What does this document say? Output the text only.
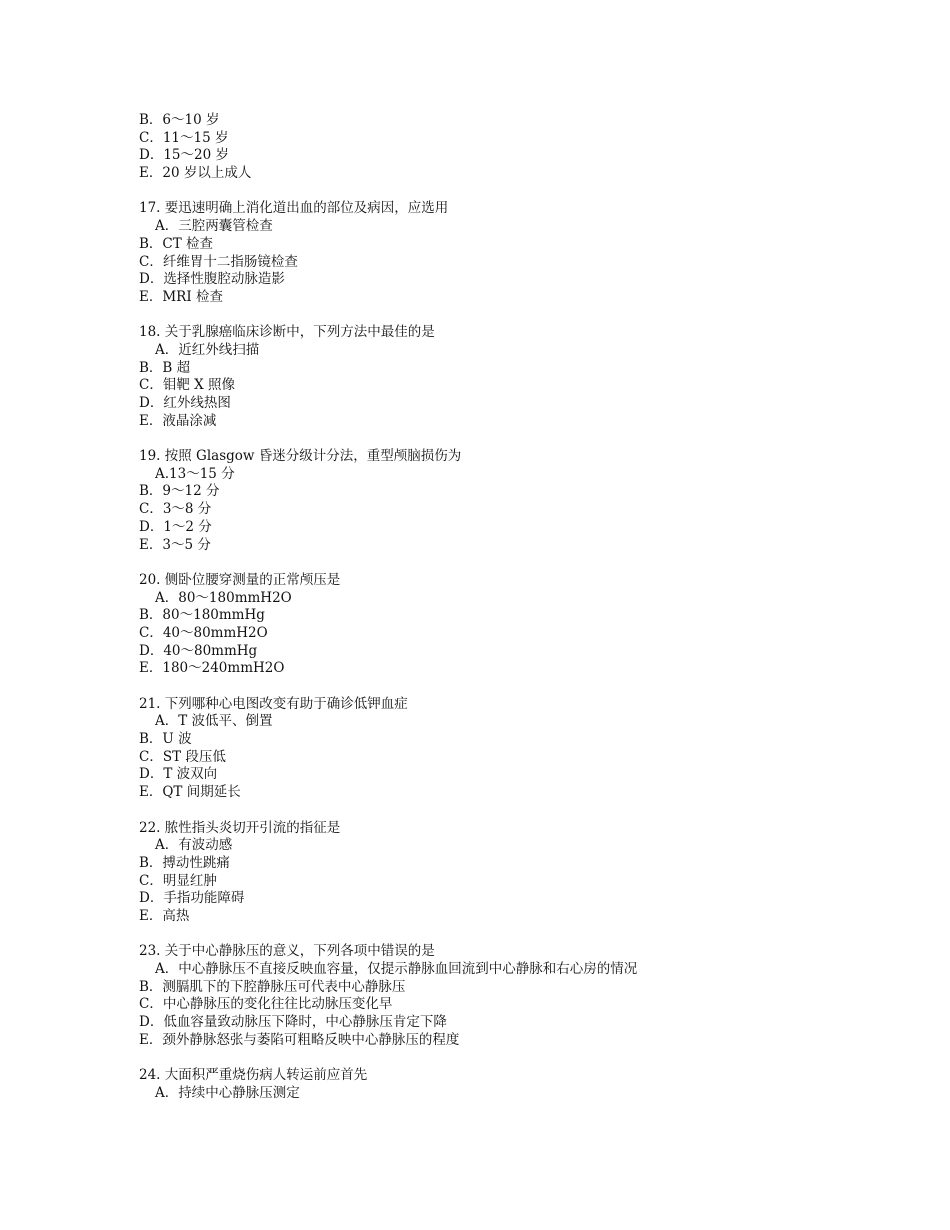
B．6～10 岁
C．11～15 岁
D．15～20 岁
E．20 岁以上成人
17. 要迅速明确上消化道出血的部位及病因，应选用
A．三腔两囊管检查
B．CT 检查
C．纤维胃十二指肠镜检查
D．选择性腹腔动脉造影
E．MRI 检查
18. 关于乳腺癌临床诊断中，下列方法中最佳的是
A．近红外线扫描
B．B 超
C．钼靶 X 照像
D．红外线热图
E．液晶涂减
19. 按照 Glasgow 昏迷分级计分法，重型颅脑损伤为
A.13～15 分
B．9～12 分
C．3～8 分
D．1～2 分
E．3～5 分
20. 侧卧位腰穿测量的正常颅压是
A．80～180mmH2O
B．80～180mmHg
C．40～80mmH2O
D．40～80mmHg
E．180～240mmH2O
21. 下列哪种心电图改变有助于确诊低钾血症
A．T 波低平、倒置
B．U 波
C．ST 段压低
D．T 波双向
E．QT 间期延长
22. 脓性指头炎切开引流的指征是
A．有波动感
B．搏动性跳痛
C．明显红肿
D．手指功能障碍
E．高热
23. 关于中心静脉压的意义，下列各项中错误的是
A．中心静脉压不直接反映血容量，仅提示静脉血回流到中心静脉和右心房的情况
B．测膈肌下的下腔静脉压可代表中心静脉压
C．中心静脉压的变化往往比动脉压变化早
D．低血容量致动脉压下降时，中心静脉压肯定下降
E．颈外静脉怒张与萎陷可粗略反映中心静脉压的程度
24. 大面积严重烧伤病人转运前应首先
A．持续中心静脉压测定
